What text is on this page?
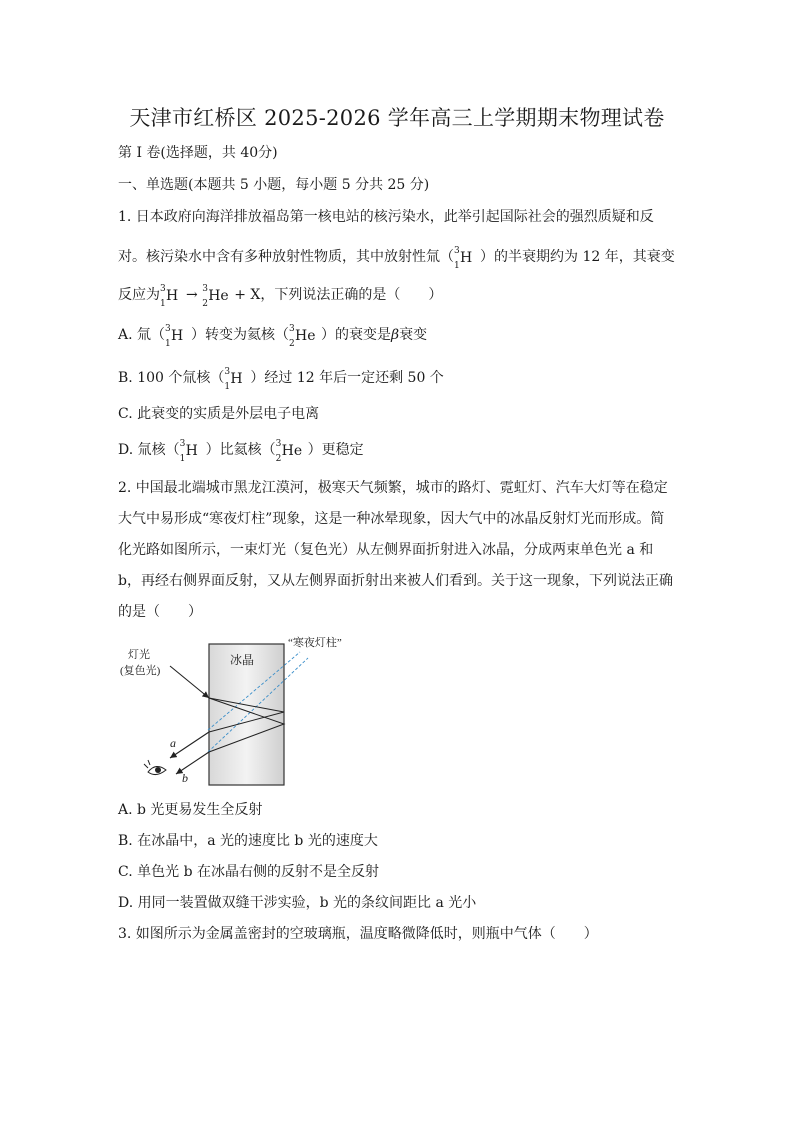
天津市红桥区 2025-2026 学年高三上学期期末物理试卷
第 I 卷(选择题，共 40分)
一、单选题(本题共 5 小题，每小题 5 分共 25 分)
1. 日本政府向海洋排放福岛第一核电站的核污染水，此举引起国际社会的强烈质疑和反
对。核污染水中含有多种放射性物质，其中放射性氚（ 3
1 H ）的半衰期约为 12 年，其衰变
反应为 3
1 H → 3
2 He + X，下列说法正确的是（　　）
A. 氚（ 3
1 H ）转变为氦核（ 3
2 He ）的衰变是β衰变
B. 100 个氚核（ 3
1 H ）经过 12 年后一定还剩 50 个
C. 此衰变的实质是外层电子电离
D. 氚核（ 3
1 H ）比氦核（ 3
2 He ）更稳定
2. 中国最北端城市黑龙江漠河，极寒天气频繁，城市的路灯、霓虹灯、汽车大灯等在稳定
大气中易形成“寒夜灯柱”现象，这是一种冰晕现象，因大气中的冰晶反射灯光而形成。简
化光路如图所示，一束灯光（复色光）从左侧界面折射进入冰晶，分成两束单色光 a 和
b，再经右侧界面反射，又从左侧界面折射出来被人们看到。关于这一现象，下列说法正确
的是（　　）
冰晶
灯光
(复色光)
“寒夜灯柱”
a
b
A. b 光更易发生全反射
B. 在冰晶中，a 光的速度比 b 光的速度大
C. 单色光 b 在冰晶右侧的反射不是全反射
D. 用同一装置做双缝干涉实验，b 光的条纹间距比 a 光小
3. 如图所示为金属盖密封的空玻璃瓶，温度略微降低时，则瓶中气体（　　）
